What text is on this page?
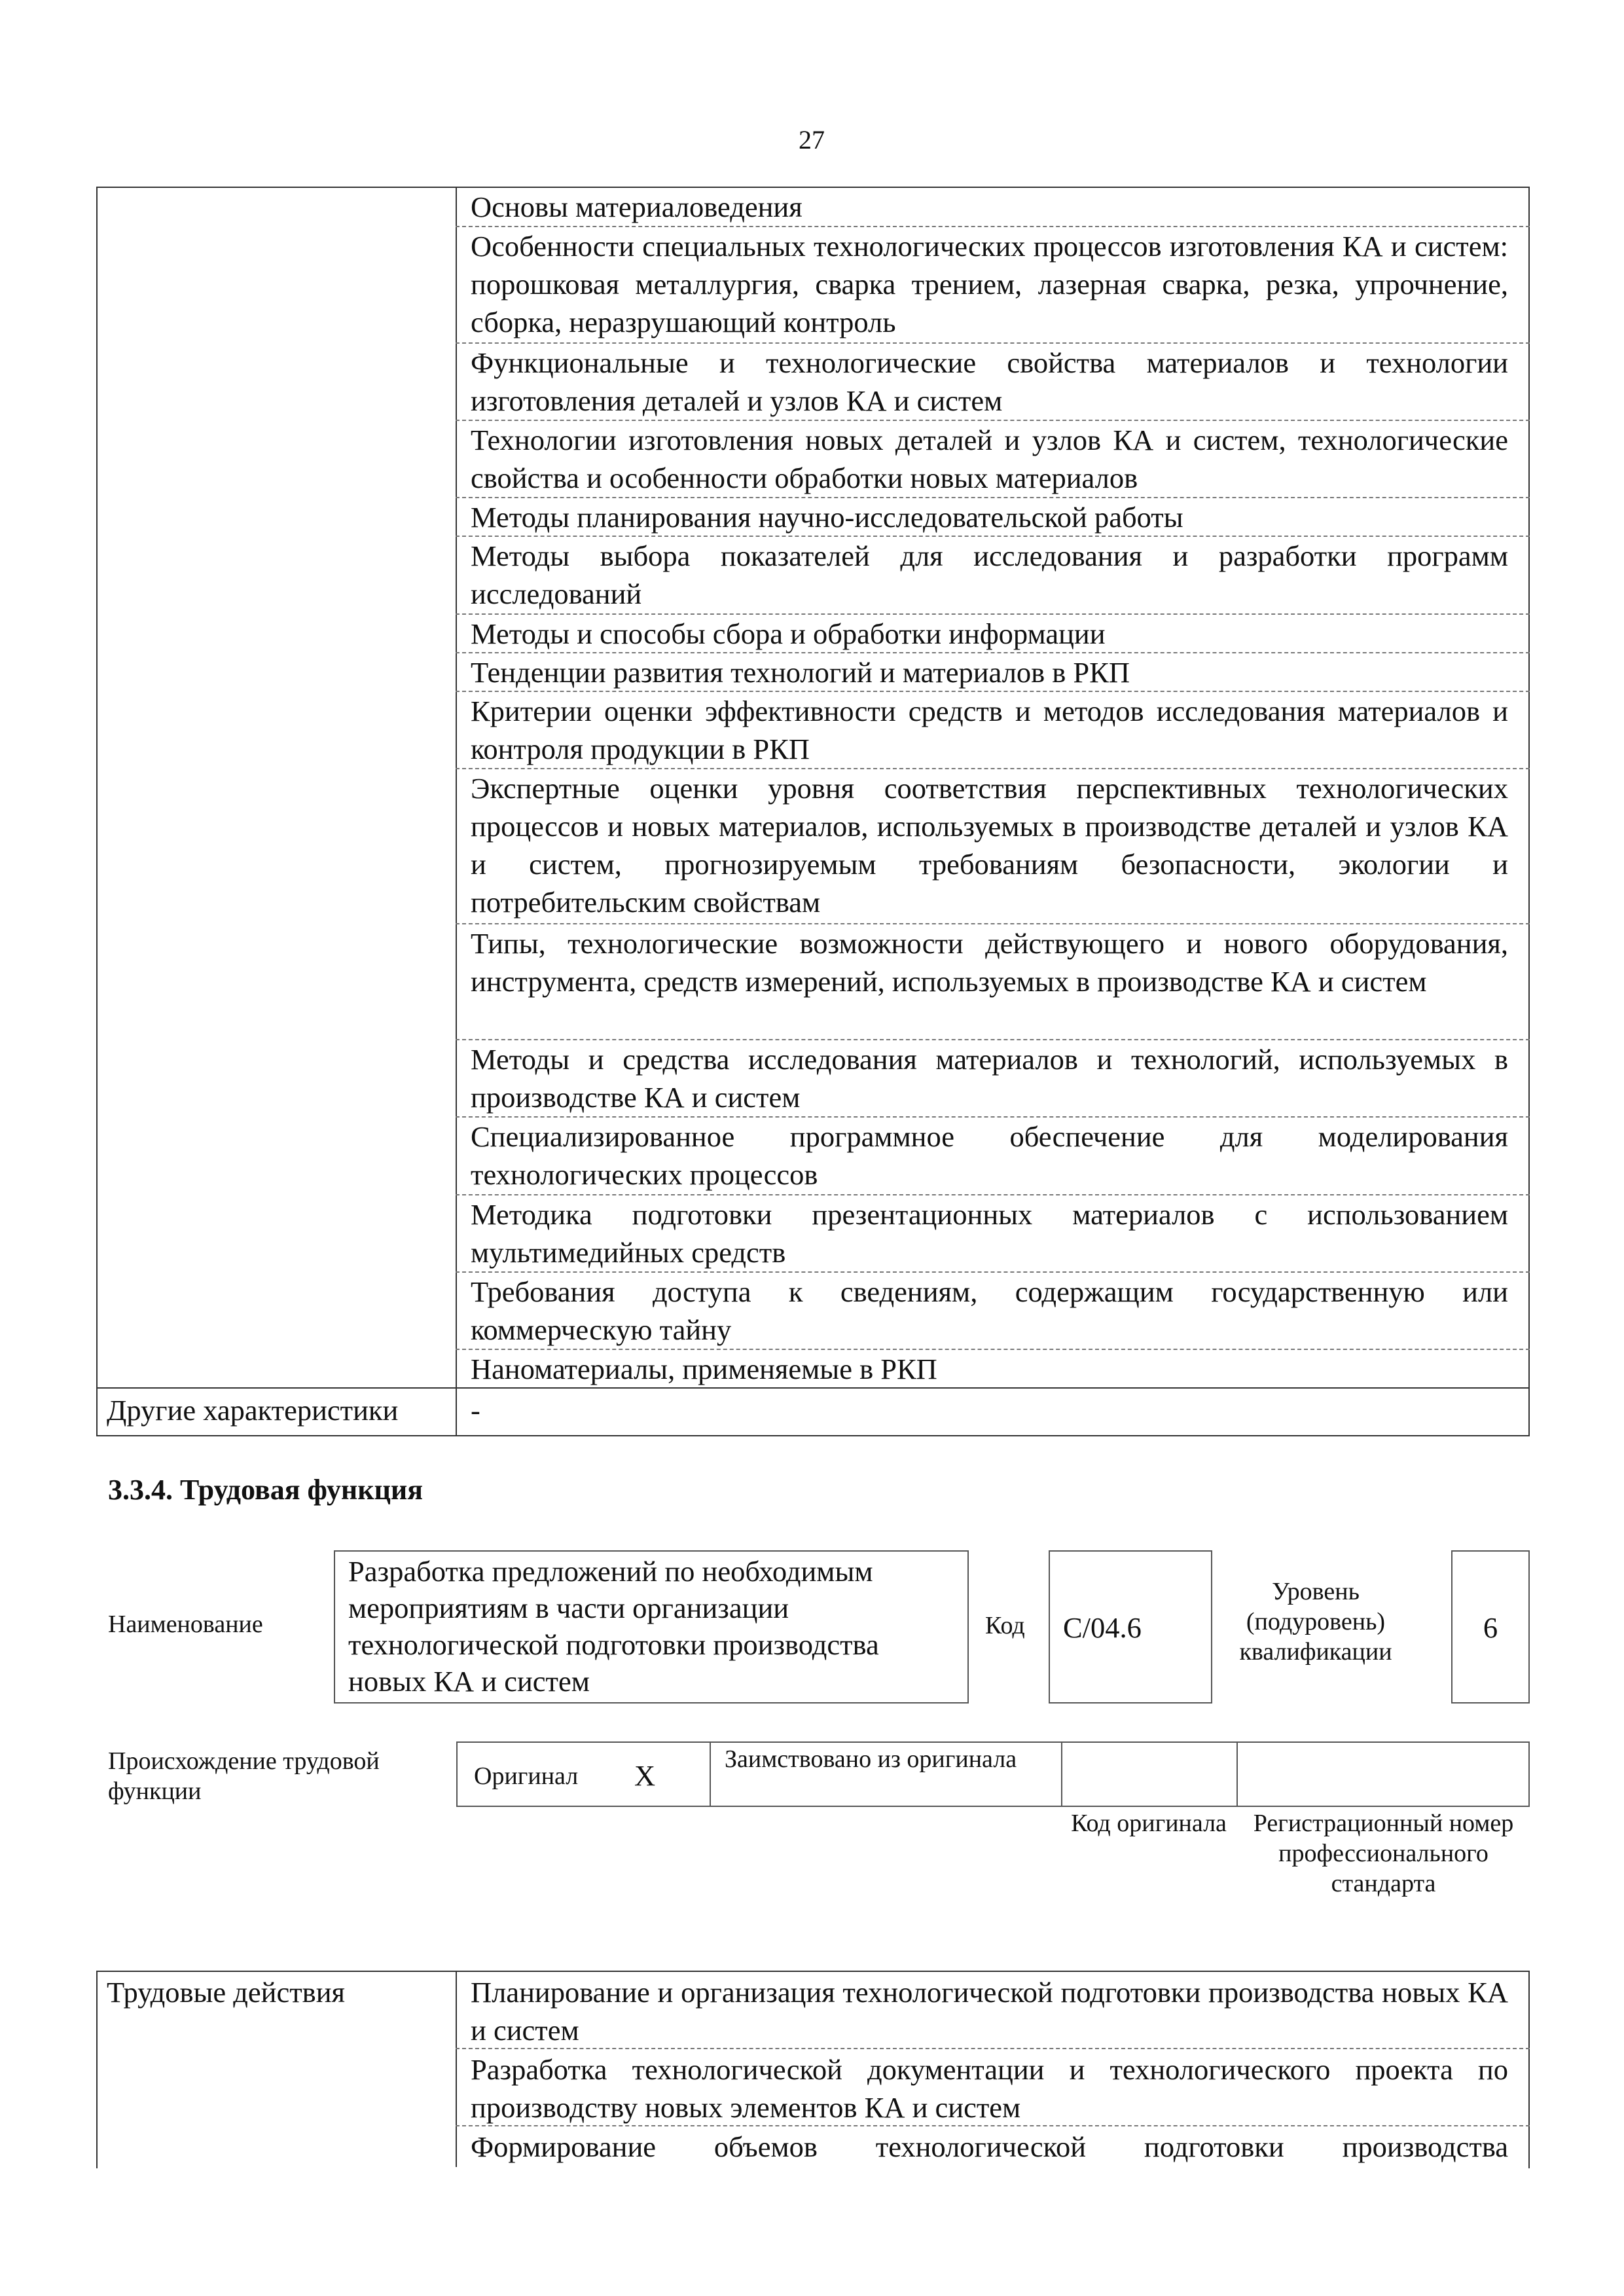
27
Основы материаловедения
Особенности специальных технологических процессов изготовления КА и систем: порошковая металлургия, сварка трением, лазерная сварка, резка, упрочнение, сборка, неразрушающий контроль
Функциональные и технологические свойства материалов и технологии изготовления деталей и узлов КА и систем
Технологии изготовления новых деталей и узлов КА и систем, технологические свойства и особенности обработки новых материалов
Методы планирования научно-исследовательской работы
Методы выбора показателей для исследования и разработки программ исследований
Методы и способы сбора и обработки информации
Тенденции развития технологий и материалов в РКП
Критерии оценки эффективности средств и методов исследования материалов и контроля продукции в РКП
Экспертные оценки уровня соответствия перспективных технологических процессов и новых материалов, используемых в производстве деталей и узлов КА и систем, прогнозируемым требованиям безопасности, экологии и потребительским свойствам
Типы, технологические возможности действующего и нового оборудования, инструмента, средств измерений, используемых в производстве КА и систем
Методы и средства исследования материалов и технологий, используемых в производстве КА и систем
Специализированное программное обеспечение для моделирования технологических процессов
Методика подготовки презентационных материалов с использованием мультимедийных средств
Требования доступа к сведениям, содержащим государственную или коммерческую тайну
Наноматериалы, применяемые в РКП
Другие характеристики -
3.3.4. Трудовая функция
Наименование
Разработка предложений по необходимым мероприятиям в части организации технологической подготовки производства новых КА и систем
Код С/04.6
Уровень (подуровень) квалификации
6
Происхождение трудовой функции
Оригинал X	Заимствовано из оригинала
Код оригинала	Регистрационный номер профессионального стандарта
Трудовые действия	Планирование и организация технологической подготовки производства новых КА и систем
Разработка технологической документации и технологического проекта по производству новых элементов КА и систем
Формирование объемов технологической подготовки производства
